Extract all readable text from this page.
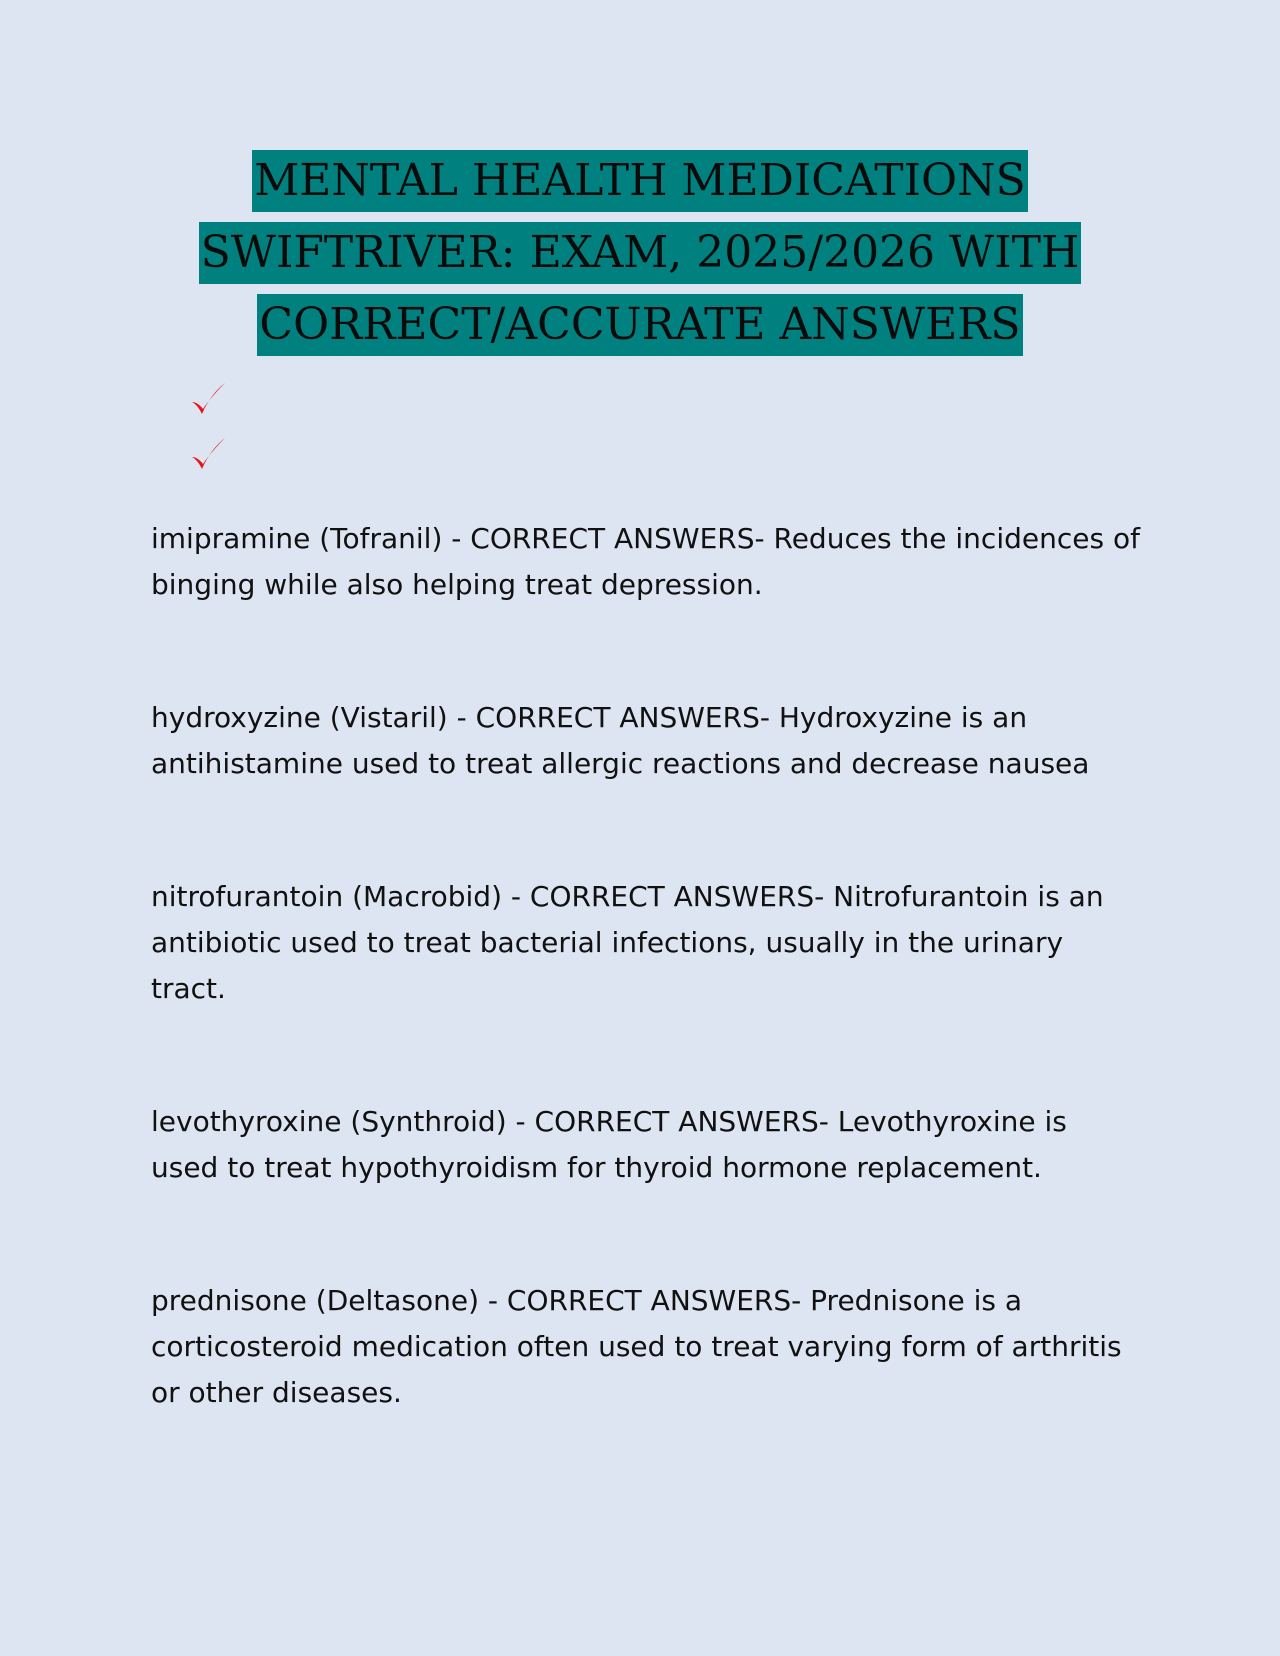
MENTAL HEALTH MEDICATIONS
SWIFTRIVER: EXAM, 2025/2026 WITH
CORRECT/ACCURATE ANSWERS

imipramine (Tofranil) - CORRECT ANSWERS- Reduces the incidences of binging while also helping treat depression.

hydroxyzine (Vistaril) - CORRECT ANSWERS- Hydroxyzine is an antihistamine used to treat allergic reactions and decrease nausea

nitrofurantoin (Macrobid) - CORRECT ANSWERS- Nitrofurantoin is an antibiotic used to treat bacterial infections, usually in the urinary tract.

levothyroxine (Synthroid) - CORRECT ANSWERS- Levothyroxine is used to treat hypothyroidism for thyroid hormone replacement.

prednisone (Deltasone) - CORRECT ANSWERS- Prednisone is a corticosteroid medication often used to treat varying form of arthritis or other diseases.
